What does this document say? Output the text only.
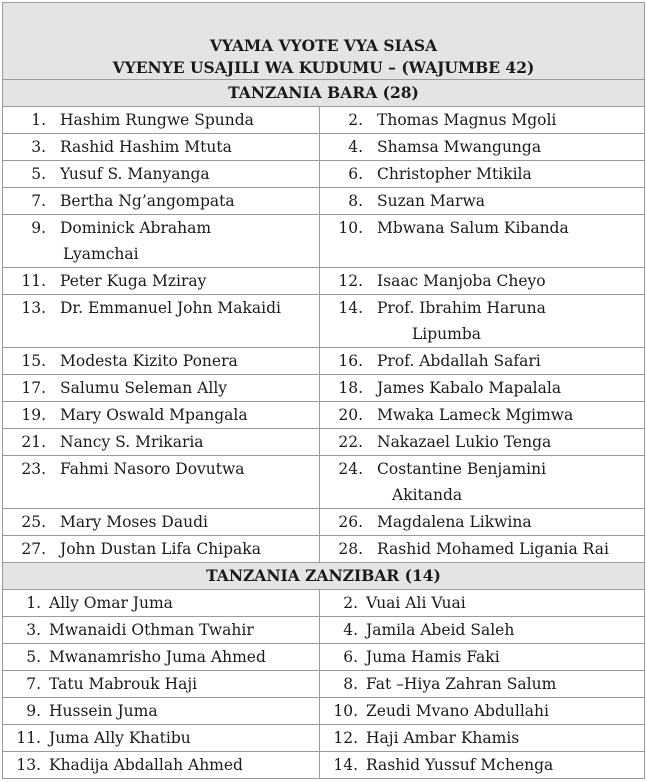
VYAMA VYOTE VYA SIASA
VYENYE USAJILI WA KUDUMU – (WAJUMBE 42)	

TANZANIA BARA (28)	
1. Hashim Rungwe Spunda	2. Thomas Magnus Mgoli
3. Rashid Hashim Mtuta	4. Shamsa Mwangunga
5. Yusuf S. Manyanga	6. Christopher Mtikila
7. Bertha Ng’angompata	8. Suzan Marwa
9. Dominick Abraham
Lyamchai	10. Mbwana Salum Kibanda
11. Peter Kuga Mziray	12. Isaac Manjoba Cheyo
13. Dr. Emmanuel John Makaidi	14. Prof. Ibrahim Haruna
Lipumba

15. Modesta Kizito Ponera	16. Prof. Abdallah Safari
17. Salumu Seleman Ally	18. James Kabalo Mapalala
19. Mary Oswald Mpangala	20. Mwaka Lameck Mgimwa
21. Nancy S. Mrikaria	22. Nakazael Lukio Tenga
23. Fahmi Nasoro Dovutwa	24. Costantine Benjamini
Akitanda

25. Mary Moses Daudi	26. Magdalena Likwina
27. John Dustan Lifa Chipaka	28. Rashid Mohamed Ligania Rai
TANZANIA ZANZIBAR (14)	
1. Ally Omar Juma	2. Vuai Ali Vuai
3. Mwanaidi Othman Twahir	4. Jamila Abeid Saleh
5. Mwanamrisho Juma Ahmed	6. Juma Hamis Faki
7. Tatu Mabrouk Haji	8. Fat –Hiya Zahran Salum
9. Hussein Juma	10. Zeudi Mvano Abdullahi
11. Juma Ally Khatibu	12. Haji Ambar Khamis
13. Khadija Abdallah Ahmed	14. Rashid Yussuf Mchenga
